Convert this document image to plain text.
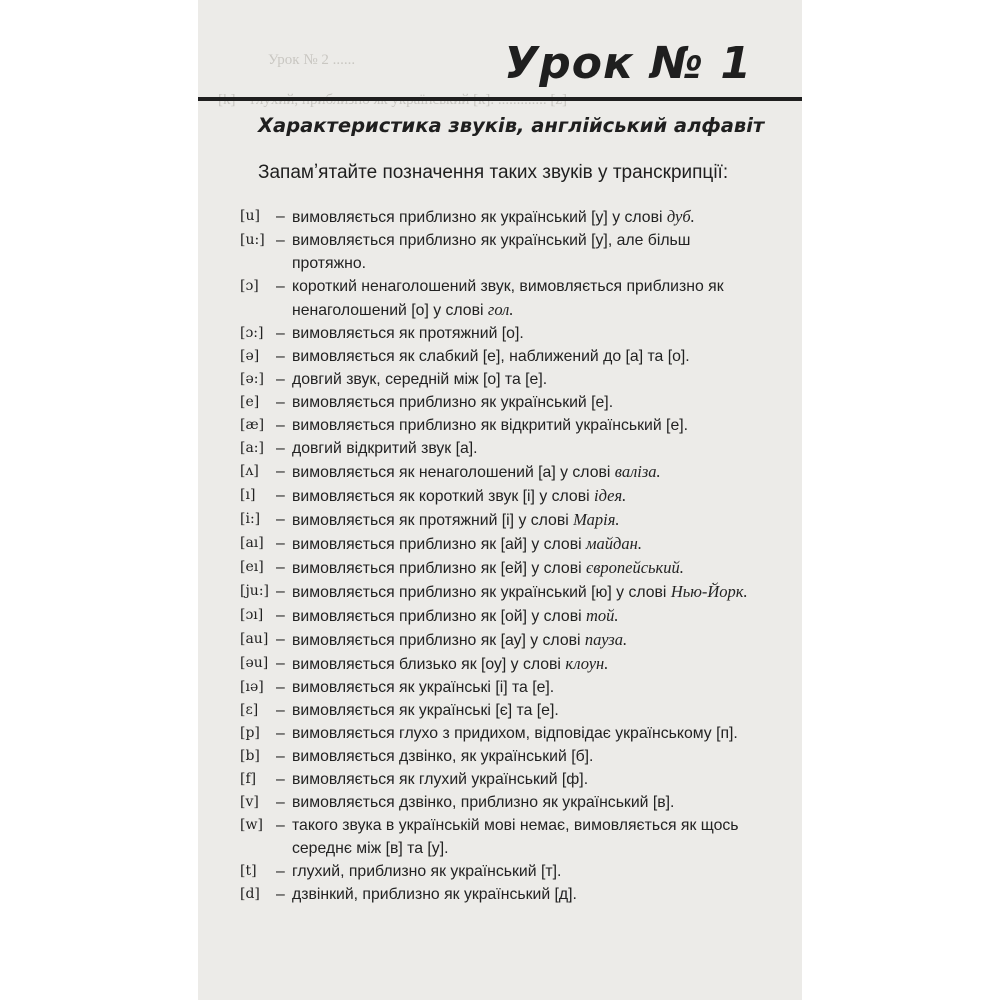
Урок № 2 ......	Урок № 1
Характеристика звуків, англійський алфавіт
Запамʼятайте позначення таких звуків у транскрипції:
[u]	– вимовляється приблизно як український [у] у слові дуб.
[u:] – вимовляється приблизно як український [у], але більш протяжно.
[ɔ]	– короткий ненаголошений звук, вимовляється приблизно як ненаголошений [о] у слові гол.
[ɔ:] – вимовляється як протяжний [о].
[ə]	– вимовляється як слабкий [е], наближений до [а] та [о].
[ə:] – довгий звук, середній між [о] та [е].
[e]	– вимовляється приблизно як український [е].
[æ] – вимовляється приблизно як відкритий український [е].
[a:] – довгий відкритий звук [а].
[ʌ]	– вимовляється як ненаголошений [а] у слові валіза.
[ı]	– вимовляється як короткий звук [і] у слові ідея.
[i:]	– вимовляється як протяжний [і] у слові Марія.
[aı] – вимовляється приблизно як [ай] у слові майдан.
[eı] – вимовляється приблизно як [ей] у слові європейський.
[ju:] – вимовляється приблизно як український [ю] у слові Нью-Йорк.
[ɔı] – вимовляється приблизно як [ой] у слові той.
[au] – вимовляється приблизно як [ау] у слові пауза.
[əu] – вимовляється близько як [оу] у слові клоун.
[ıə] – вимовляється як українські [і] та [е].
[ɛ]	– вимовляється як українські [є] та [е].
[p]	– вимовляється глухо з придихом, відповідає українському [п].
[b]	– вимовляється дзвінко, як український [б].
[f]	– вимовляється як глухий український [ф].
[v]	– вимовляється дзвінко, приблизно як український [в].
[w] – такого звука в українській мові немає, вимовляється як щось середнє між [в] та [у].
[t]	– глухий, приблизно як український [т].
[d]	– дзвінкий, приблизно як український [д].
